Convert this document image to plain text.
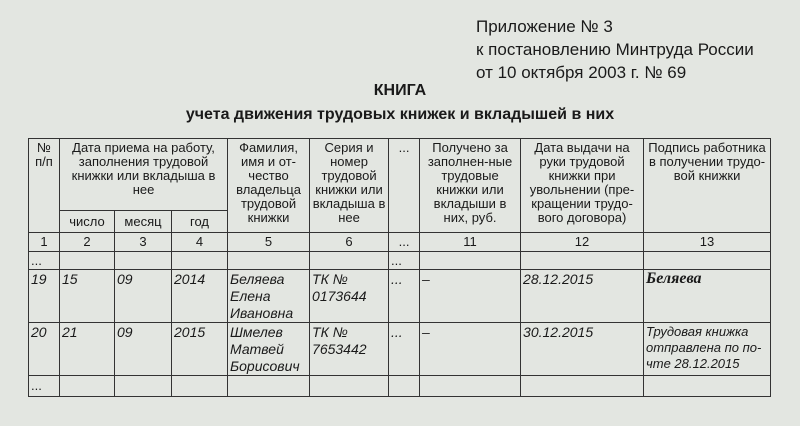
Приложение № 3
к постановлению Минтруда России
от 10 октября 2003 г. № 69
КНИГА
учета движения трудовых книжек и вкладышей в них
№ п/п	Дата приема на работу, заполнения трудовой книжки или вкладыша в нее			Фамилия, имя и от-чество владельца трудовой книжки	Серия и номер трудовой книжки или вкладыша в нее	...	Получено за заполнен-ные трудовые книжки или вкладыши в них, руб.	Дата выдачи на руки трудовой книжки при увольнении (пре-кращении трудо-вого договора)	Подпись работника в получении трудо-вой книжки
	число	месяц	год						
1	2	3	4	5	6	...	11	12	13
...						...			
19	15	09	2014	Беляева Елена Ивановна	ТК № 0173644	...	–	28.12.2015	Беляева
20	21	09	2015	Шмелев Матвей Борисович	ТК № 7653442	...	–	30.12.2015	Трудовая книжка отправлена по по-чте 28.12.2015
...									
